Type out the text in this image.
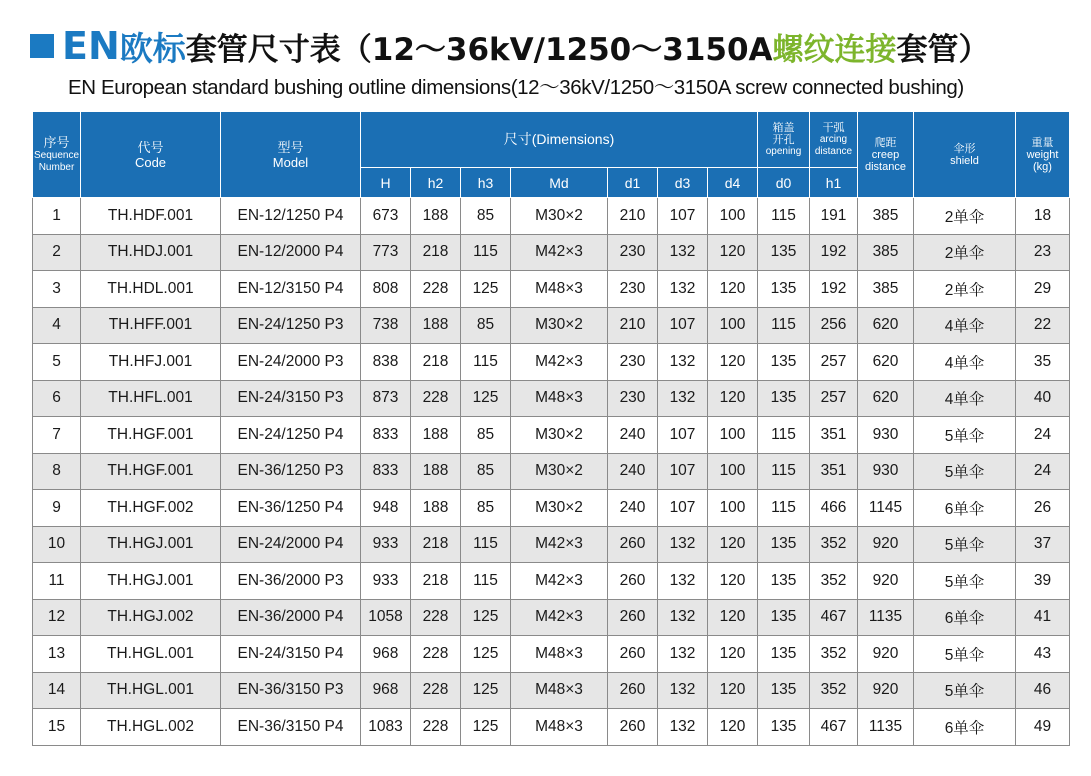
EN 欧标 套管尺寸表（12～36kV/1250～3150A 螺纹连接 套管）
EN European standard bushing outline dimensions(12～36kV/1250～3150A screw connected bushing)
序号
Sequence
Number	代号
Code	型号
Model	尺寸(Dimensions)							箱盖
开孔
opening	干弧
arcing
distance	爬距
creep
distance	伞形
shield	重量
weight
(kg)

			H	h2	h3	Md	d1	d3	d4	d0	h1			
1	TH.HDF.001	EN-12/1250 P4	673	188	85	M30×2	210	107	100	115	191	385	2单伞	18
2	TH.HDJ.001	EN-12/2000 P4	773	218	115	M42×3	230	132	120	135	192	385	2单伞	23
3	TH.HDL.001	EN-12/3150 P4	808	228	125	M48×3	230	132	120	135	192	385	2单伞	29
4	TH.HFF.001	EN-24/1250 P3	738	188	85	M30×2	210	107	100	115	256	620	4单伞	22
5	TH.HFJ.001	EN-24/2000 P3	838	218	115	M42×3	230	132	120	135	257	620	4单伞	35
6	TH.HFL.001	EN-24/3150 P3	873	228	125	M48×3	230	132	120	135	257	620	4单伞	40
7	TH.HGF.001	EN-24/1250 P4	833	188	85	M30×2	240	107	100	115	351	930	5单伞	24
8	TH.HGF.001	EN-36/1250 P3	833	188	85	M30×2	240	107	100	115	351	930	5单伞	24
9	TH.HGF.002	EN-36/1250 P4	948	188	85	M30×2	240	107	100	115	466	1145	6单伞	26
10	TH.HGJ.001	EN-24/2000 P4	933	218	115	M42×3	260	132	120	135	352	920	5单伞	37
11	TH.HGJ.001	EN-36/2000 P3	933	218	115	M42×3	260	132	120	135	352	920	5单伞	39
12	TH.HGJ.002	EN-36/2000 P4	1058	228	125	M42×3	260	132	120	135	467	1135	6单伞	41
13	TH.HGL.001	EN-24/3150 P4	968	228	125	M48×3	260	132	120	135	352	920	5单伞	43
14	TH.HGL.001	EN-36/3150 P3	968	228	125	M48×3	260	132	120	135	352	920	5单伞	46
15	TH.HGL.002	EN-36/3150 P4	1083	228	125	M48×3	260	132	120	135	467	1135	6单伞	49
